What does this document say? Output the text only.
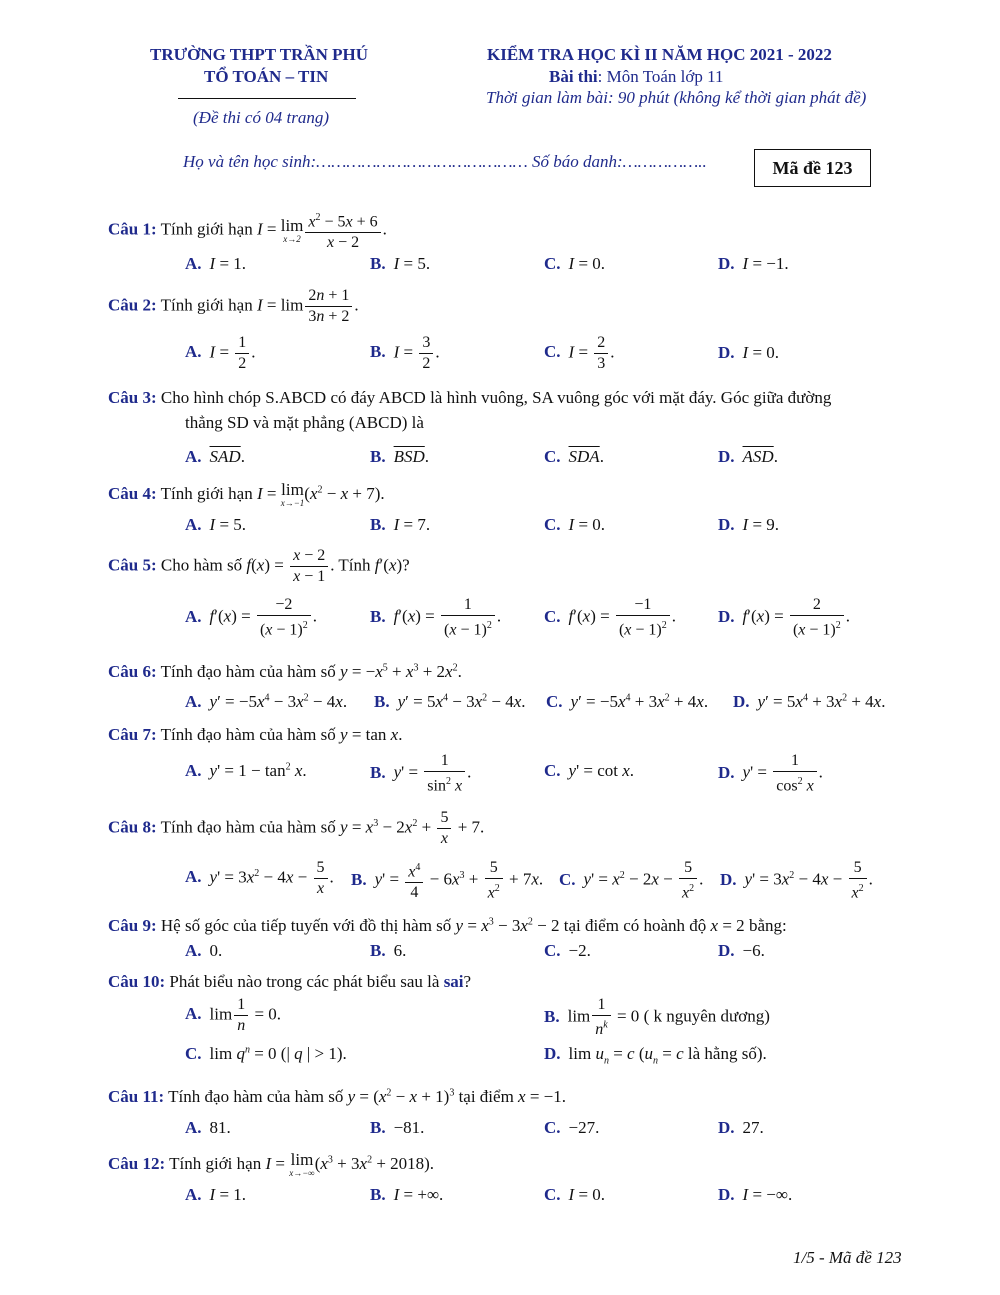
TRƯỜNG THPT TRẦN PHÚ
TỔ TOÁN – TIN
(Đề thi có 04 trang)
KIỂM TRA HỌC KÌ II NĂM HỌC 2021 - 2022
Bài thi: Môn Toán lớp 11
Thời gian làm bài: 90 phút (không kể thời gian phát đề)
Họ và tên học sinh:…………………………………… Số báo danh:……………..	Mã đề 123
Câu 1: Tính giới hạn I = lim
$x\to 2 \frac{x^2 - 5x + 6}{x - 2}$ .
A. I = 1.	B. I = 5.	C. I = 0.	D. I = −1.
Câu 2: Tính giới hạn $I = \lim \frac{2n + 1}{3n + 2}$ .
A. $I = \frac{1}{2}$ .	B. $I = \frac{3}{2}$ .	C. $I = \frac{2}{3}$ .	D. I = 0.
Câu 3: Cho hình chóp S.ABCD có đáy ABCD là hình vuông, SA vuông góc với mặt đáy. Góc giữa đường
thẳng SD và mặt phẳng (ABCD) là
A. $\overline{SAD}$.	B. $\overline{BSD}$.	C. $\overline{SDA}$.	D. $\overline{ASD}$.
Câu 4: Tính giới hạn I = lim
x→−1
$(x^2 - x + 7)$.
A. I = 5.	B. I = 7.	C. I = 0.	D. I = 9.
Câu 5: Cho hàm số $f(x) = \frac{x - 2}{x - 1}$ . Tính f′(x)?
A. $f'(x) = \frac{-2}{(x - 1)^2}$ .	B. $f'(x) = \frac{1}{(x - 1)^2}$ .	C. $f'(x) = \frac{-1}{(x - 1)^2}$ . D. $f'(x) = \frac{2}{(x - 1)^2}$ .
Câu 6: Tính đạo hàm của hàm số $y = -x^5 + x^3 + 2x^2$.
A. $y' = -5x^4 - 3x^2 - 4x$. B. $y' = 5x^4 - 3x^2 - 4x$. C. $y' = -5x^4 + 3x^2 + 4x$. D. $y' = 5x^4 + 3x^2 + 4x$.
Câu 7: Tính đạo hàm của hàm số y = tan x.
A. $y' = 1 - \tan^2 x$.	B. $y' = \frac{1}{\sin^2 x}$ .	C. y' = cot x.	D. $y' = \frac{1}{\cos^2 x}$ .
Câu 8: Tính đạo hàm của hàm số $y = x^3 - 2x^2 + \frac{5}{x} + 7$.
A. $y' = 3x^2 - 4x - \frac{5}{x}$ . B. $y' = \frac{x^4}{4} - 6x^3 + \frac{5}{x^2} + 7x$. C. $y' = x^2 - 2x - \frac{5}{x^2}$ . D. $y' = 3x^2 - 4x - \frac{5}{x^2}$ .
Câu 9: Hệ số góc của tiếp tuyến với đồ thị hàm số $y = x^3 - 3x^2 - 2$ tại điểm có hoành độ x = 2 bằng:
A. 0.	B. 6.	C. −2.	D. −6.
Câu 10: Phát biểu nào trong các phát biểu sau là sai?
A. $\lim \frac{1}{n} = 0$.	B. $\lim \frac{1}{n^k} = 0$ ( k nguyên dương)
C. $\lim q^n = 0$ (| q | > 1).	D. $\lim u_n = c$ ($u_n = c$ là hằng số).
Câu 11: Tính đạo hàm của hàm số $y = (x^2 - x + 1)^3$ tại điểm x = −1.
A. 81.	B. −81.	C. −27.	D. 27.
Câu 12: Tính giới hạn I = lim
x→−∞
$(x^3 + 3x^2 + 2018)$.
A. I = 1.	B. I = +∞.	C. I = 0.	D. I = −∞.
1/5 - Mã đề 123
